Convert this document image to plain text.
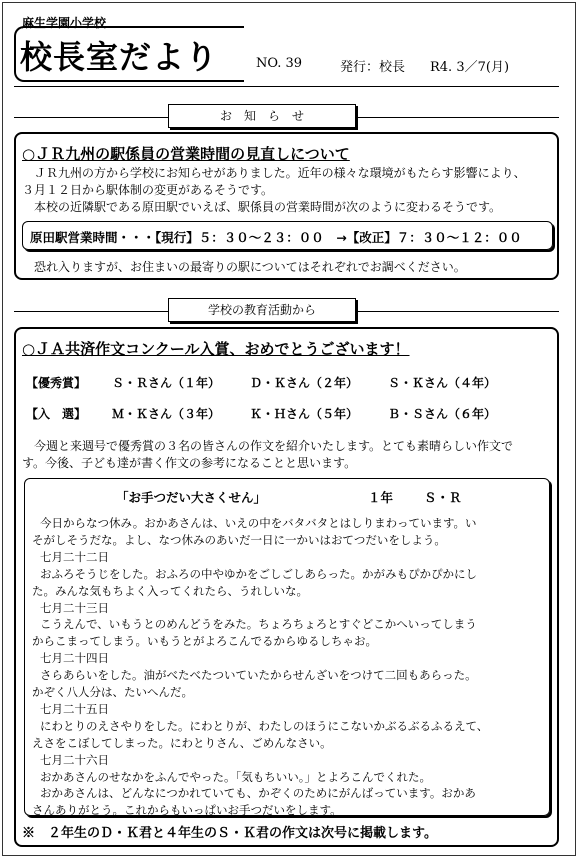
麻生学園小学校
校長室だより	NO. 39	発行：校長 R4. 3／7(月)
お　知　ら　せ
○ＪＲ九州の駅係員の営業時間の見直しについて
ＪＲ九州の方から学校にお知らせがありました。近年の様々な環境がもたらす影響により、
３月１２日から駅体制の変更があるそうです。
本校の近隣駅である原田駅でいえば、駅係員の営業時間が次のように変わるそうです。
原田駅営業時間・・・【現行】５：３０～２３：００　→【改正】７：３０～１２：００
恐れ入りますが、お住まいの最寄りの駅についてはそれぞれでお調べください。
学校の教育活動から
○ＪＡ共済作文コンクール入賞、おめでとうございます！
【優秀賞】 Ｓ・Ｒさん（１年） Ｄ・Ｋさん（２年） Ｓ・Ｋさん（４年）
【入　選】 Ｍ・Ｋさん（３年） Ｋ・Ｈさん（５年） Ｂ・Ｓさん（６年）
今週と来週号で優秀賞の３名の皆さんの作文を紹介いたします。とても素晴らしい作文で
す。今後、子ども達が書く作文の参考になることと思います。
「お手つだい大さくせん」	１年 Ｓ・Ｒ
今日からなつ休み。おかあさんは、いえの中をバタバタとはしりまわっています。い
そがしそうだな。よし、なつ休みのあいだ一日に一かいはおてつだいをしよう。
七月二十二日
おふろそうじをした。おふろの中やゆかをごしごしあらった。かがみもぴかぴかにし
た。みんな気もちよく入ってくれたら、うれしいな。
七月二十三日
こうえんで、いもうとのめんどうをみた。ちょろちょろとすぐどこかへいってしまう
からこまってしまう。いもうとがよろこんでるからゆるしちゃお。
七月二十四日
さらあらいをした。油がべたべたついていたからせんざいをつけて二回もあらった。
かぞく八人分は、たいへんだ。
七月二十五日
にわとりのえさやりをした。にわとりが、わたしのほうにこないかぶるぶるふるえて、
えさをこぼしてしまった。にわとりさん、ごめんなさい。
七月二十六日
おかあさんのせなかをふんでやった。「気もちいい。」とよろこんでくれた。
おかあさんは、どんなにつかれていても、かぞくのためにがんばっています。おかあ
さんありがとう。これからもいっぱいお手つだいをします。
※　２年生のＤ・Ｋ君と４年生のＳ・Ｋ君の作文は次号に掲載します。
